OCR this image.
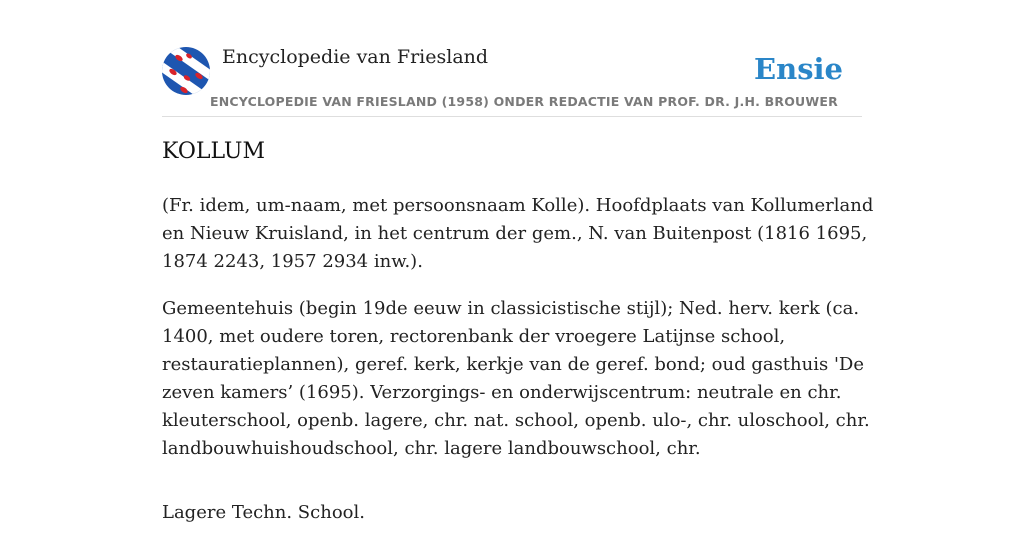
Encyclopedie van Friesland	Ensie
ENCYCLOPEDIE VAN FRIESLAND (1958) ONDER REDACTIE VAN PROF. DR. J.H. BROUWER
KOLLUM

(Fr. idem, um-naam, met persoonsnaam Kolle). Hoofdplaats van Kollumerland en Nieuw Kruisland, in het centrum der gem., N. van Buitenpost (1816 1695, 1874 2243, 1957 2934 inw.).

Gemeentehuis (begin 19de eeuw in classicistische stijl); Ned. herv. kerk (ca. 1400, met oudere toren, rectorenbank der vroegere Latijnse school, restauratieplannen), geref. kerk, kerkje van de geref. bond; oud gasthuis 'De zeven kamers’ (1695). Verzorgings- en onderwijscentrum: neutrale en chr. kleuterschool, openb. lagere, chr. nat. school, openb. ulo-, chr. uloschool, chr. landbouwhuishoudschool, chr. lagere landbouwschool, chr.

Lagere Techn. School.
